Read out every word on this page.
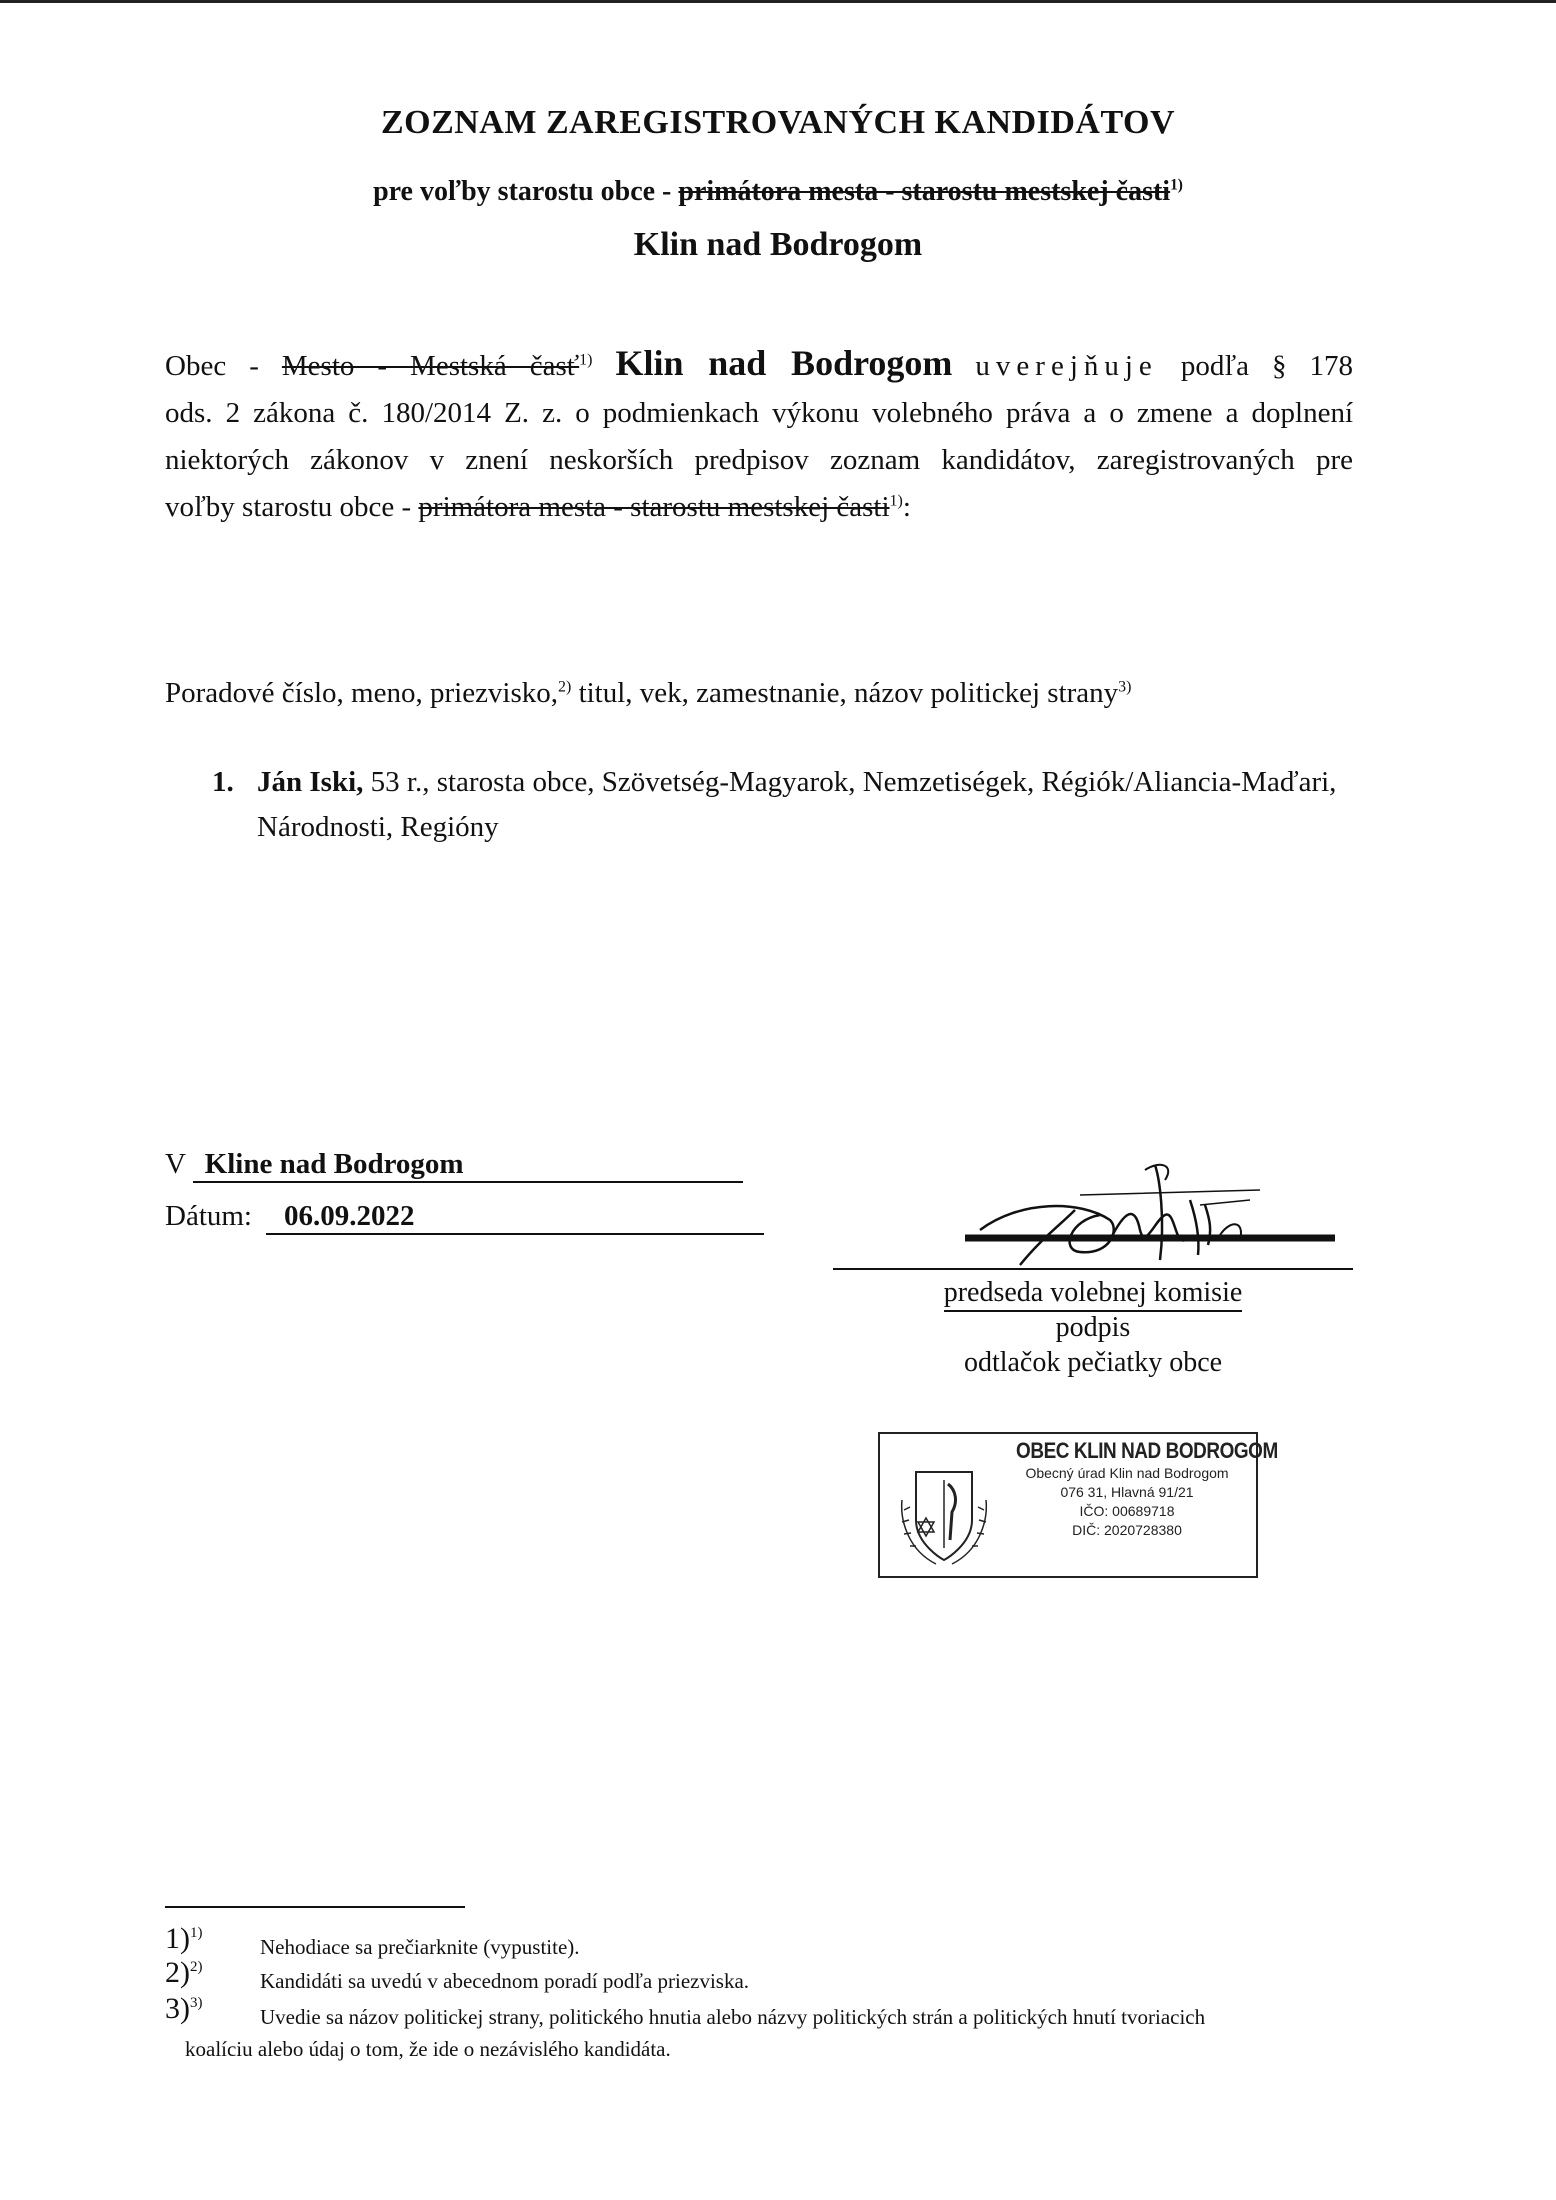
ZOZNAM ZAREGISTROVANÝCH KANDIDÁTOV
pre voľby starostu obce - primátora mesta - starostu mestskej časti$^{1)}$
Klin nad Bodrogom
Obec - Mesto - Mestská časť$^{1)}$ Klin nad Bodrogom uverejňuje podľa § 178
ods. 2 zákona č. 180/2014 Z. z. o podmienkach výkonu volebného práva a o zmene a doplnení
niektorých zákonov v znení neskorších predpisov zoznam kandidátov, zaregistrovaných pre
voľby starostu obce - primátora mesta - starostu mestskej časti$^{1)}$:
Poradové číslo, meno, priezvisko,$^{2)}$ titul, vek, zamestnanie, názov politickej strany$^{3)}$
1. Ján Iski, 53 r., starosta obce, Szövetség-Magyarok, Nemzetiségek, Régiók/Aliancia-Maďari, Národnosti, Regióny
V Kline nad Bodrogom
Dátum: 06.09.2022
predseda volebnej komisie
podpis
odtlačok pečiatky obce
OBEC KLIN NAD BODROGOM
Obecný úrad Klin nad Bodrogom
076 31, Hlavná 91/21
IČO: 00689718
DIČ: 2020728380
1)$^{1)}$
Nehodiace sa prečiarknite (vypustite).
2)$^{2)}$
Kandidáti sa uvedú v abecednom poradí podľa priezviska.
3)$^{3)}$
Uvedie sa názov politickej strany, politického hnutia alebo názvy politických strán a politických hnutí tvoriacich
koalíciu alebo údaj o tom, že ide o nezávislého kandidáta.
